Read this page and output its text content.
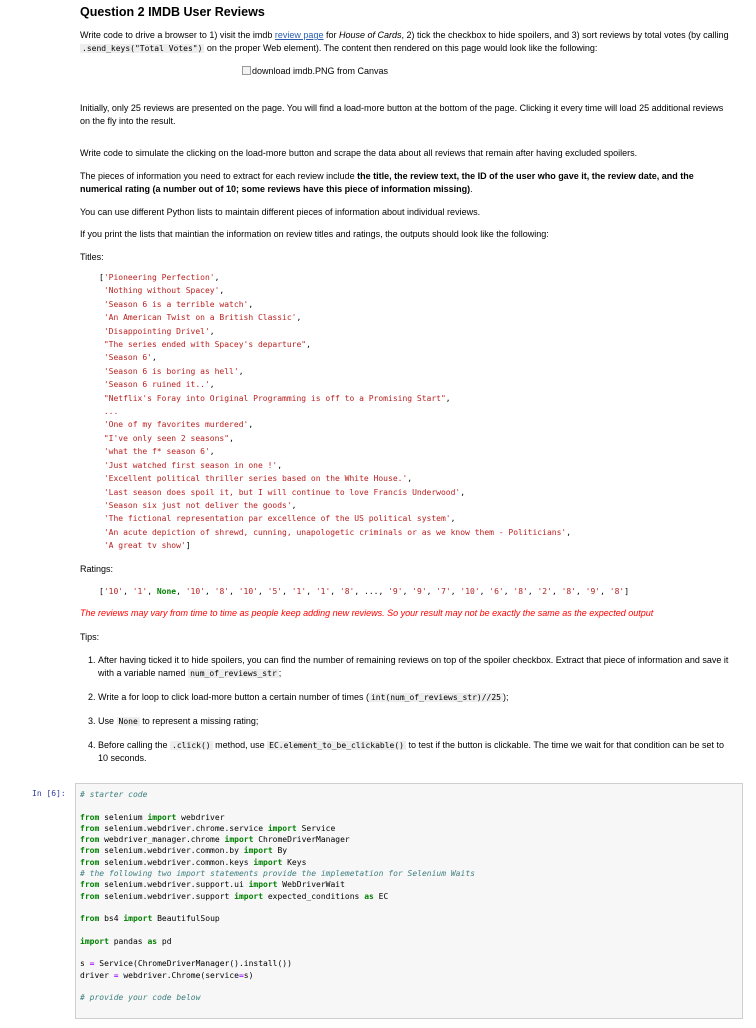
Question 2 IMDB User Reviews

Write code to drive a browser to 1) visit the imdb review page for House of Cards, 2) tick the checkbox to hide spoilers, and 3) sort reviews by total votes (by calling .send_keys("Total Votes") on the proper Web element). The content then rendered on this page would look like the following:

download imdb.PNG from Canvas

Initially, only 25 reviews are presented on the page. You will find a load-more button at the bottom of the page. Clicking it every time will load 25 additional reviews on the fly into the result.

Write code to simulate the clicking on the load-more button and scrape the data about all reviews that remain after having excluded spoilers.

The pieces of information you need to extract for each review include the title, the review text, the ID of the user who gave it, the review date, and the numerical rating (a number out of 10; some reviews have this piece of information missing).

You can use different Python lists to maintain different pieces of information about individual reviews.

If you print the lists that maintian the information on review titles and ratings, the outputs should look like the following:

Titles:

['Pioneering Perfection',
'Nothing without Spacey',
'Season 6 is a terrible watch',
'An American Twist on a British Classic',
'Disappointing Drivel',
"The series ended with Spacey's departure",
'Season 6',
'Season 6 is boring as hell',
'Season 6 ruined it..',
"Netflix's Foray into Original Programming is off to a Promising Start",
...
'One of my favorites murdered',
"I've only seen 2 seasons",
'what the f* season 6',
'Just watched first season in one !',
'Excellent political thriller series based on the White House.',
'Last season does spoil it, but I will continue to love Francis Underwood',
'Season six just not deliver the goods',
'The fictional representation par excellence of the US political system',
'An acute depiction of shrewd, cunning, unapologetic criminals or as we know them - Politicians',
'A great tv show']

Ratings:

['10', '1', None, '10', '8', '10', '5', '1', '1', '8', ..., '9', '9', '7', '10', '6', '8', '2', '8', '9', '8']
The reviews may vary from time to time as people keep adding new reviews. So your result may not be exactly the same as the expected output

Tips:

1. After having ticked it to hide spoilers, you can find the number of remaining reviews on top of the spoiler checkbox. Extract that piece of information and save it with a variable named num_of_reviews_str ;
2. Write a for loop to click load-more button a certain number of times ( int(num_of_reviews_str)//25 );
3. Use None to represent a missing rating;
4. Before calling the .click() method, use EC.element_to_be_clickable() to test if the button is clickable. The time we wait for that condition can be set to 10 seconds.
In [6]: # starter code

from selenium import webdriver
from selenium.webdriver.chrome.service import Service
from webdriver_manager.chrome import ChromeDriverManager
from selenium.webdriver.common.by import By
from selenium.webdriver.common.keys import Keys
# the following two import statements provide the implemetation for Selenium Waits
from selenium.webdriver.support.ui import WebDriverWait
from selenium.webdriver.support import expected_conditions as EC

from bs4 import BeautifulSoup

import pandas as pd

s = Service(ChromeDriverManager().install())
driver = webdriver.Chrome(service=s)

# provide your code below
